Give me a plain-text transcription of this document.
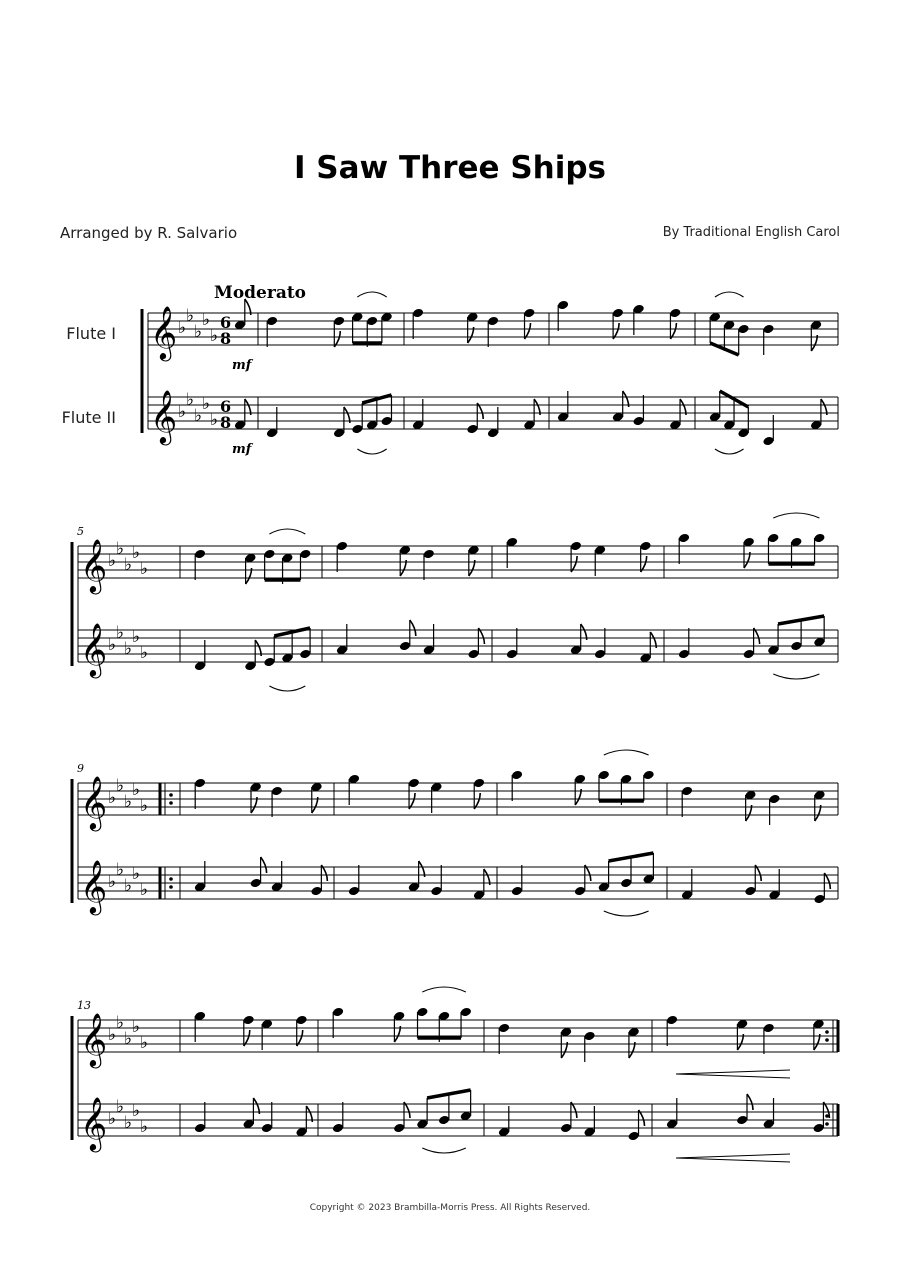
I Saw Three Ships
Arranged by R. Salvario	By Traditional English Carol
Moderato
Flute I
Flute II
5
9
13
𝄞 ♭
♭
♭
♭
♭
6
8
𝄞 ♭
♭
♭
♭
♭
6
8
𝄞 ♭
♭
♭
♭
♭
𝄞 ♭
♭
♭
♭
♭
𝄞 ♭
♭
♭
♭
♭
𝄞 ♭
♭
♭
♭
♭
𝄞 ♭
♭
♭
♭
♭
𝄞 ♭
♭
♭
♭
♭
mf
mf
Copyright © 2023 Brambilla-Morris Press. All Rights Reserved.
